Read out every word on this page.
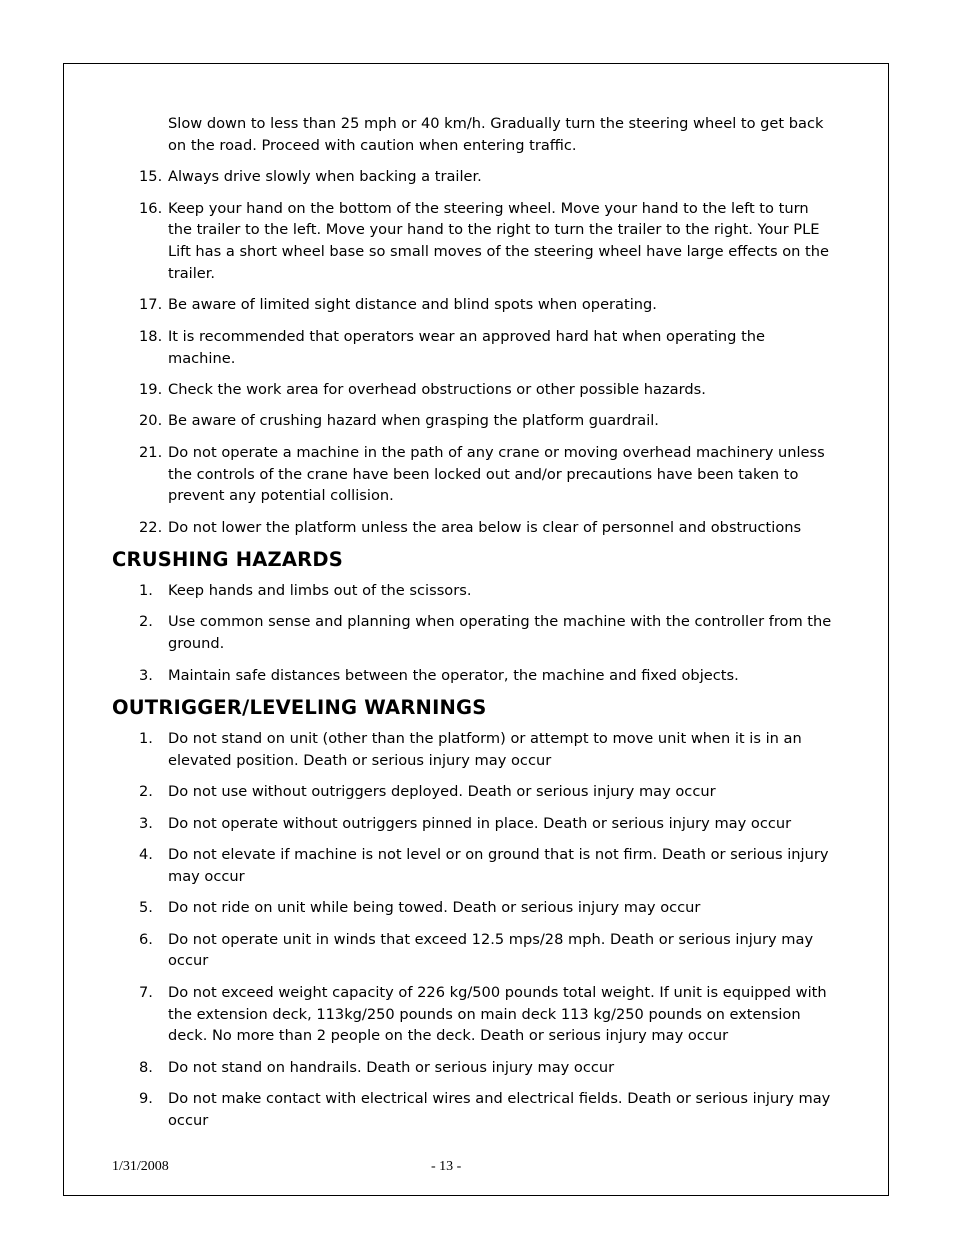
Slow down to less than 25 mph or 40 km/h. Gradually turn the steering wheel to get back on the road. Proceed with caution when entering traffic.
15. Always drive slowly when backing a trailer.
16. Keep your hand on the bottom of the steering wheel. Move your hand to the left to turn the trailer to the left. Move your hand to the right to turn the trailer to the right. Your PLE Lift has a short wheel base so small moves of the steering wheel have large effects on the trailer.
17. Be aware of limited sight distance and blind spots when operating.
18. It is recommended that operators wear an approved hard hat when operating the machine.
19. Check the work area for overhead obstructions or other possible hazards.
20. Be aware of crushing hazard when grasping the platform guardrail.
21. Do not operate a machine in the path of any crane or moving overhead machinery unless the controls of the crane have been locked out and/or precautions have been taken to prevent any potential collision.
22. Do not lower the platform unless the area below is clear of personnel and obstructions
CRUSHING HAZARDS
1.	Keep hands and limbs out of the scissors.
2.	Use common sense and planning when operating the machine with the controller from the ground.
3.	Maintain safe distances between the operator, the machine and fixed objects.
OUTRIGGER/LEVELING WARNINGS
1.	Do not stand on unit (other than the platform) or attempt to move unit when it is in an elevated position. Death or serious injury may occur
2.	Do not use without outriggers deployed. Death or serious injury may occur
3.	Do not operate without outriggers pinned in place. Death or serious injury may occur
4.	Do not elevate if machine is not level or on ground that is not firm. Death or serious injury may occur
5.	Do not ride on unit while being towed. Death or serious injury may occur
6.	Do not operate unit in winds that exceed 12.5 mps/28 mph. Death or serious injury may occur
7.	Do not exceed weight capacity of 226 kg/500 pounds total weight. If unit is equipped with the extension deck, 113kg/250 pounds on main deck 113 kg/250 pounds on extension deck. No more than 2 people on the deck. Death or serious injury may occur
8.	Do not stand on handrails. Death or serious injury may occur
9.	Do not make contact with electrical wires and electrical fields. Death or serious injury may occur
1/31/2008	- 13 -
